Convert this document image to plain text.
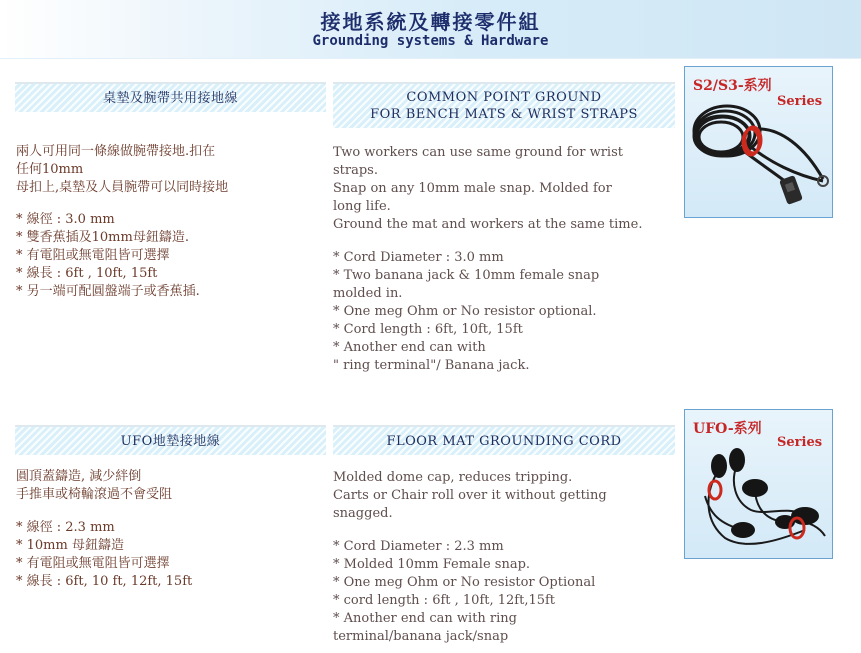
接地系統及轉接零件組
Grounding systems & Hardware
桌墊及腕帶共用接地線	COMMON POINT GROUND
FOR BENCH MATS & WRIST STRAPS

兩人可用同一條線做腕帶接地.扣在

任何10mm

母扣上,桌墊及人員腕帶可以同時接地

* 線徑 : 3.0 mm

* 雙香蕉插及10mm母鈕鑄造.

* 有電阻或無電阻皆可選擇

* 線長 : 6ft , 10ft, 15ft

* 另一端可配圓盤端子或香蕉插.

Two workers can use same ground for wrist

straps.

Snap on any 10mm male snap. Molded for

long life.

Ground the mat and workers at the same time.

* Cord Diameter : 3.0 mm

* Two banana jack & 10mm female snap

molded in.

* One meg Ohm or No resistor optional.

* Cord length : 6ft, 10ft, 15ft

* Another end can with

" ring terminal"/ Banana jack.

S2/S3-系列
Series
UFO地墊接地線	FLOOR MAT GROUNDING CORD

圓頂蓋鑄造, 減少絆倒

手推車或椅輪滾過不會受阻

* 線徑 : 2.3 mm

* 10mm 母鈕鑄造

* 有電阻或無電阻皆可選擇

* 線長 : 6ft, 10 ft, 12ft, 15ft

Molded dome cap, reduces tripping.

Carts or Chair roll over it without getting

snagged.

* Cord Diameter : 2.3 mm

* Molded 10mm Female snap.

* One meg Ohm or No resistor Optional

* cord length : 6ft , 10ft, 12ft,15ft

* Another end can with ring

terminal/banana jack/snap

UFO-系列
Series
